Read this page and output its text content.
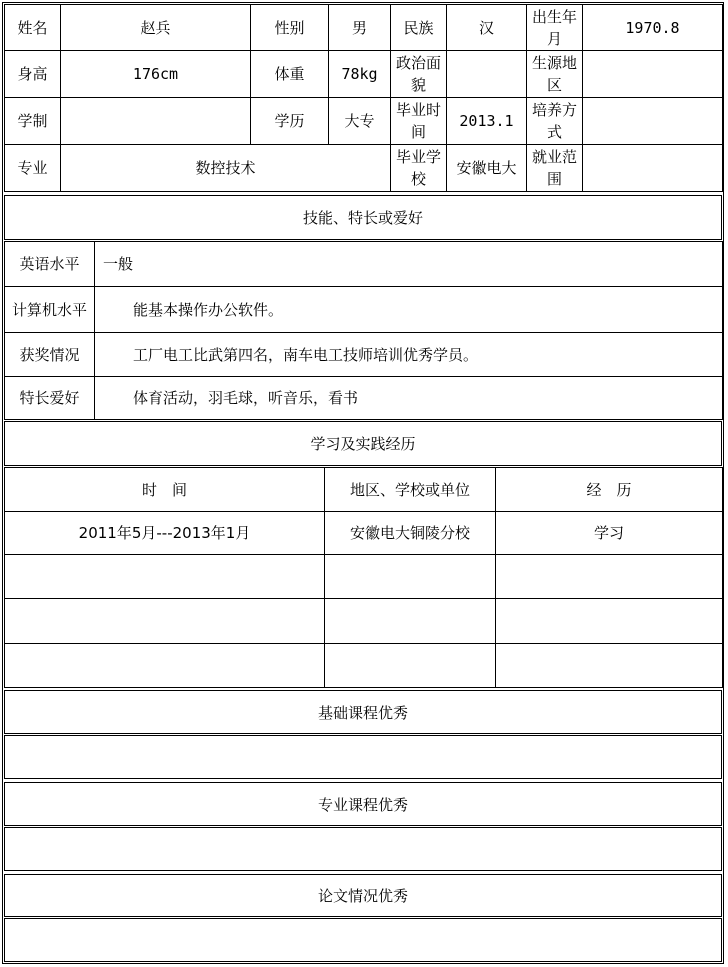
姓名	赵兵	性别	男	民族	汉	出生年月	1970.8
身高	176cm	体重	78kg	政治面貌		生源地区	
学制		学历	大专	毕业时间	2013.1	培养方式	
专业	数控技术			毕业学校	安徽电大	就业范围	
技能、特长或爱好
英语水平	一般
计算机水平	能基本操作办公软件。
获奖情况	工厂电工比武第四名，南车电工技师培训优秀学员。
特长爱好	体育活动，羽毛球，听音乐，看书
学习及实践经历
时　间	地区、学校或单位	经　历
2011年5月---2013年1月	安徽电大铜陵分校	学习

基础课程优秀
专业课程优秀
论文情况优秀
